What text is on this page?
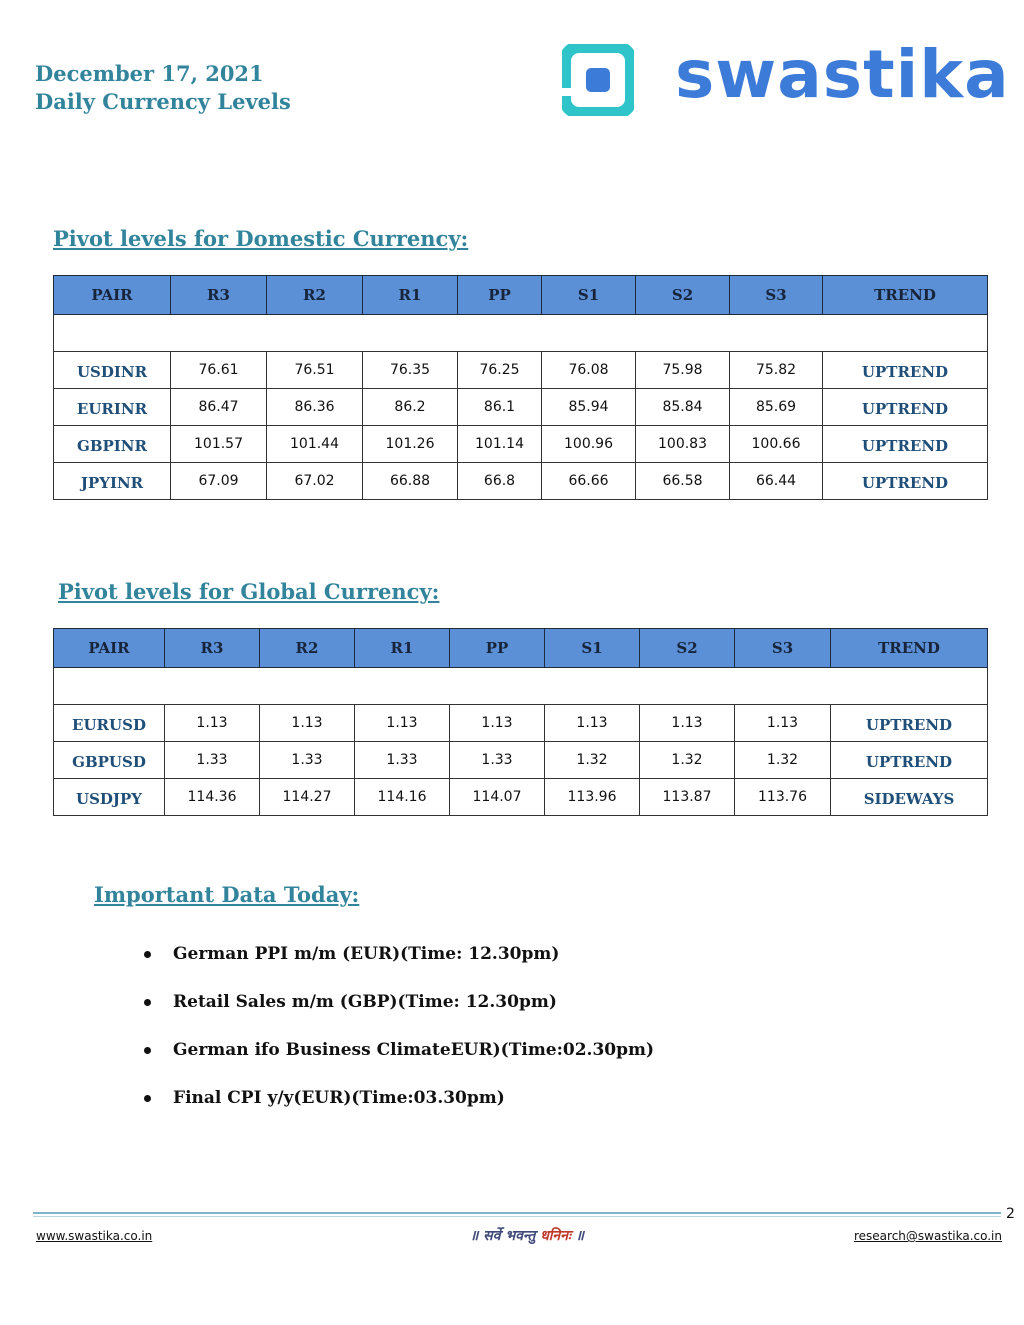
December 17, 2021
Daily Currency Levels	swastika
Pivot levels for Domestic Currency:
PAIR	R3	R2	R1	PP	S1	S2	S3	TREND

USDINR	76.61	76.51	76.35	76.25	76.08	75.98	75.82	UPTREND
EURINR	86.47	86.36	86.2	86.1	85.94	85.84	85.69	UPTREND
GBPINR	101.57	101.44	101.26	101.14	100.96	100.83	100.66	UPTREND
JPYINR	67.09	67.02	66.88	66.8	66.66	66.58	66.44	UPTREND
Pivot levels for Global Currency:
PAIR	R3	R2	R1	PP	S1	S2	S3	TREND

EURUSD	1.13	1.13	1.13	1.13	1.13	1.13	1.13	UPTREND
GBPUSD	1.33	1.33	1.33	1.33	1.32	1.32	1.32	UPTREND
USDJPY	114.36	114.27	114.16	114.07	113.96	113.87	113.76	SIDEWAYS
Important Data Today:
German PPI m/m (EUR)(Time: 12.30pm)
Retail Sales m/m (GBP)(Time: 12.30pm)
German ifo Business ClimateEUR)(Time:02.30pm)
Final CPI y/y(EUR)(Time:03.30pm)
2
www.swastika.co.in	॥ सर्वे भवन्तु धनिनः ॥	research@swastika.co.in
